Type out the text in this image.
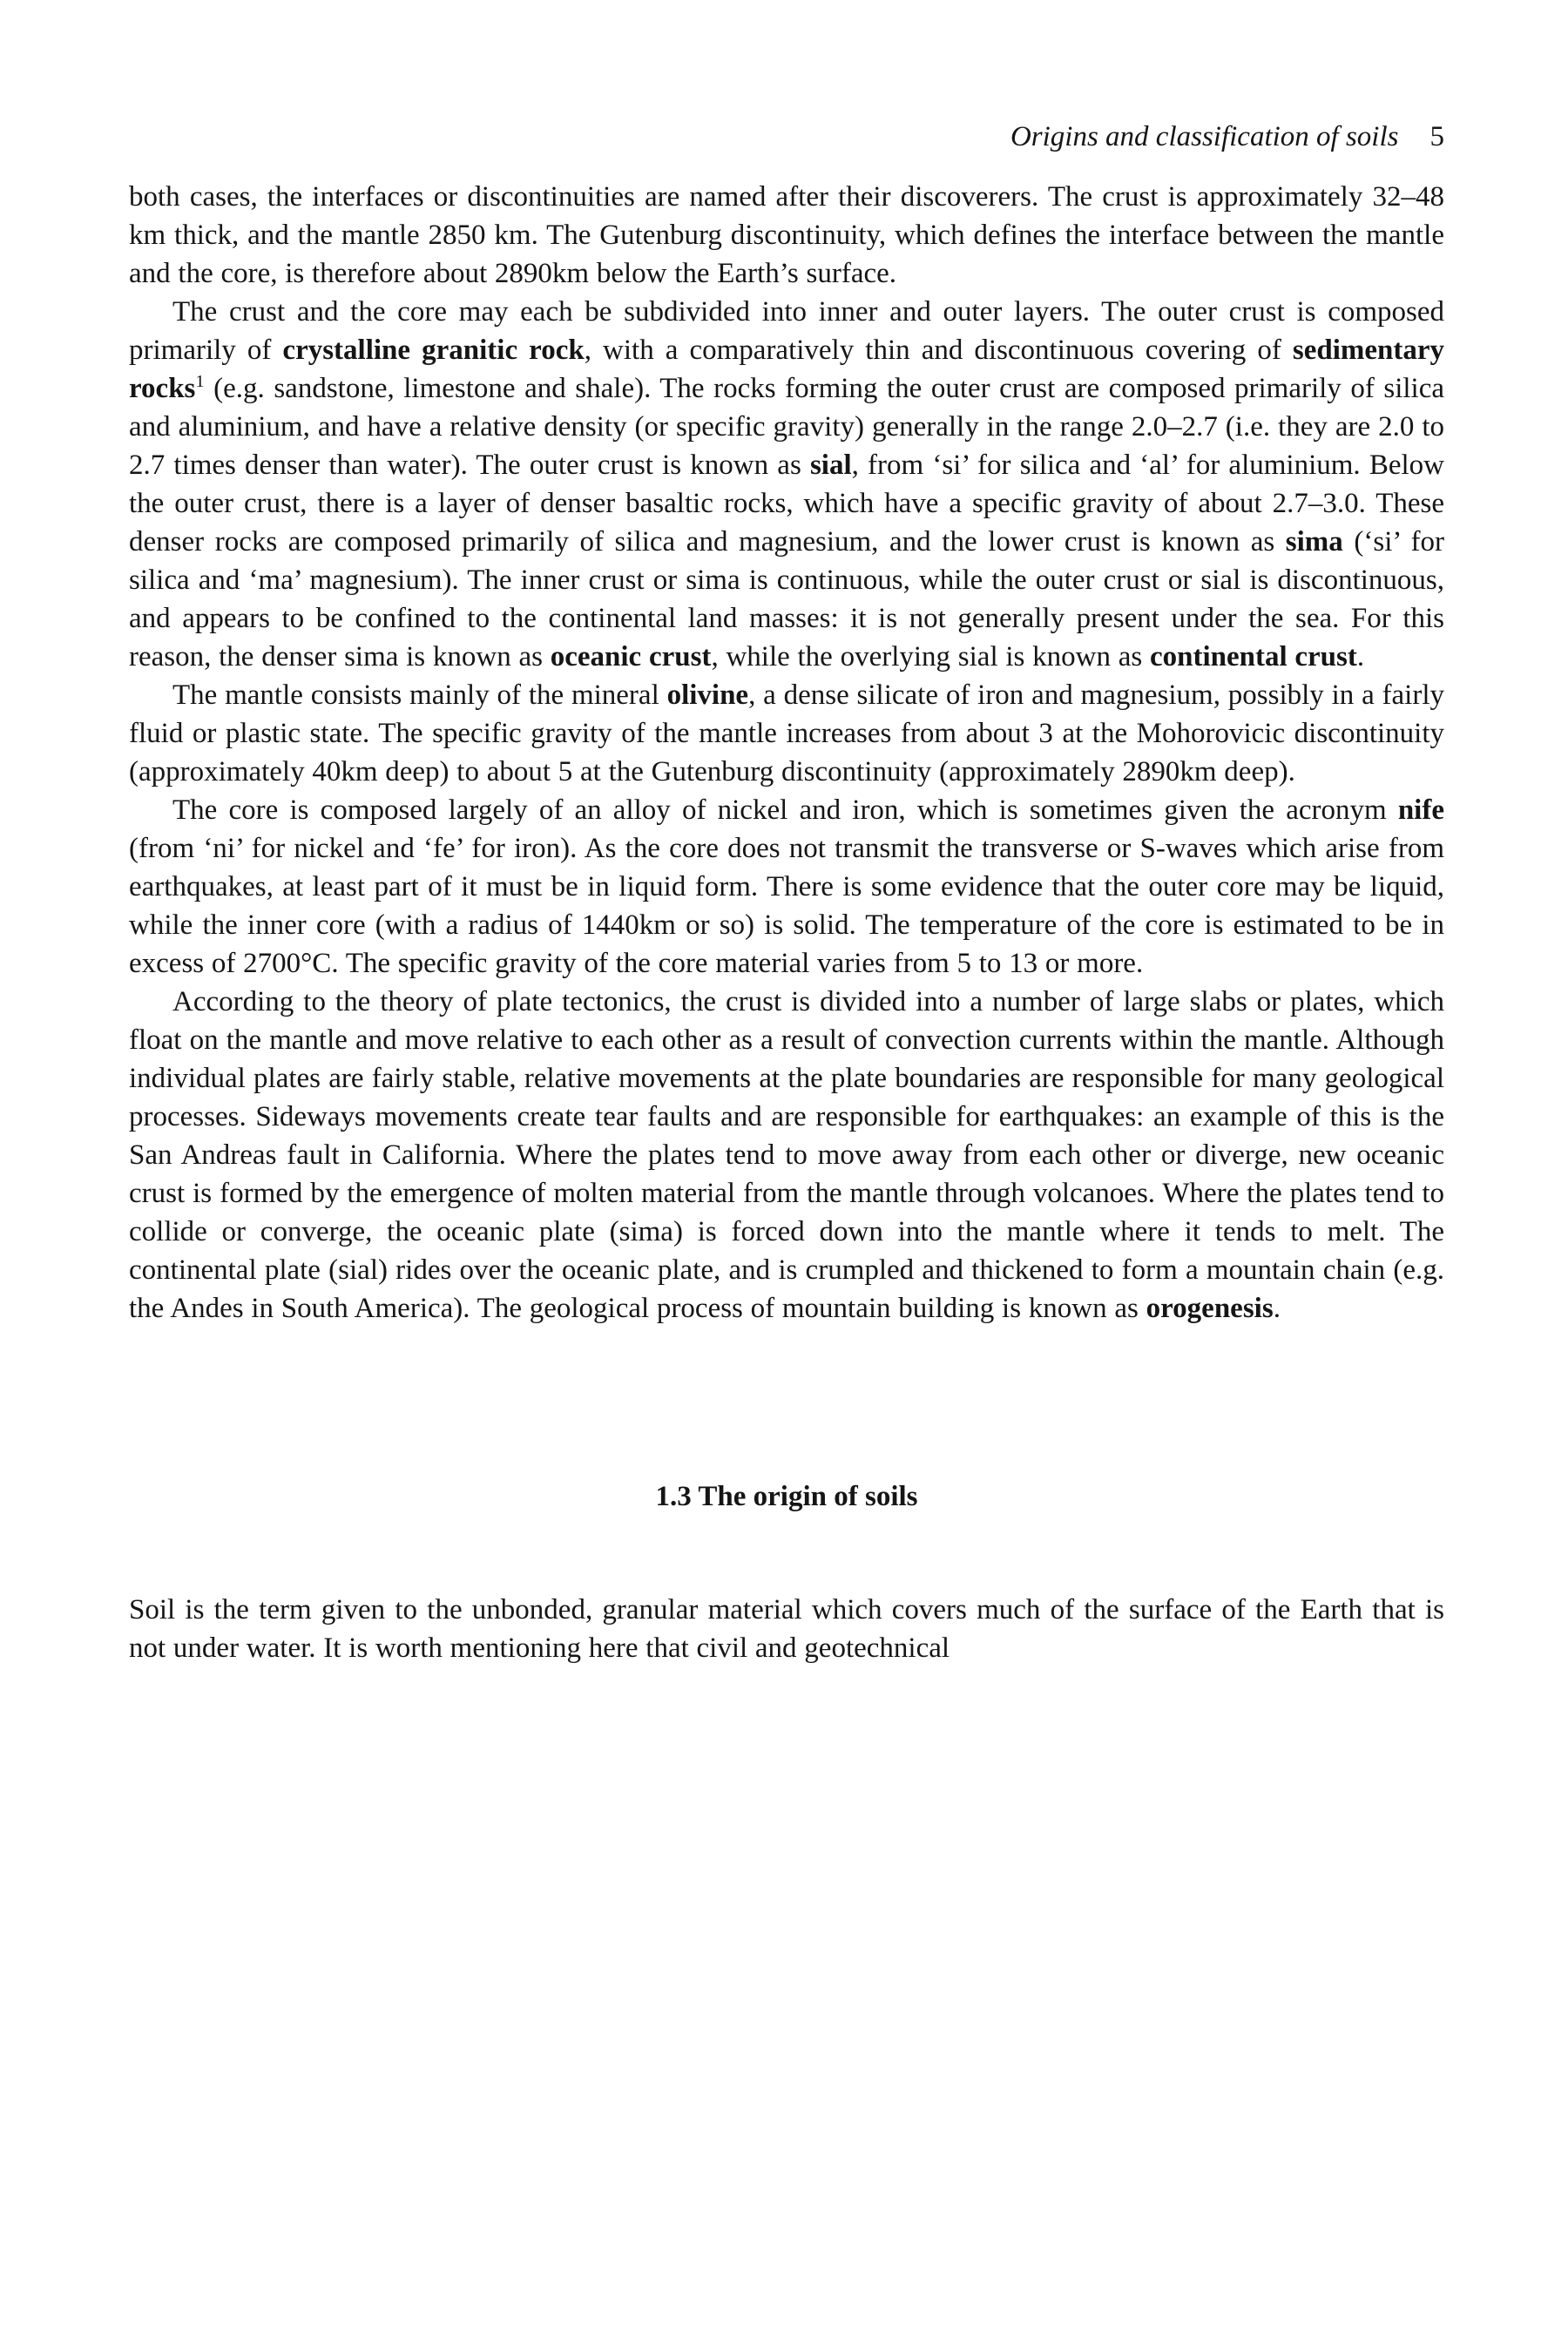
Origins and classification of soils 5

both cases, the interfaces or discontinuities are named after their discoverers. The crust is approximately 32–48 km thick, and the mantle 2850 km. The Gutenburg discontinuity, which defines the interface between the mantle and the core, is therefore about 2890km below the Earth’s surface.

The crust and the core may each be subdivided into inner and outer layers. The outer crust is composed primarily of crystalline granitic rock, with a comparatively thin and discontinuous covering of sedimentary rocks$^1$ (e.g. sandstone, limestone and shale). The rocks forming the outer crust are composed primarily of silica and aluminium, and have a relative density (or specific gravity) generally in the range 2.0–2.7 (i.e. they are 2.0 to 2.7 times denser than water). The outer crust is known as sial, from ‘si’ for silica and ‘al’ for aluminium. Below the outer crust, there is a layer of denser basaltic rocks, which have a specific gravity of about 2.7–3.0. These denser rocks are composed primarily of silica and magnesium, and the lower crust is known as sima (‘si’ for silica and ‘ma’ magnesium). The inner crust or sima is continuous, while the outer crust or sial is discontinuous, and appears to be confined to the continental land masses: it is not generally present under the sea. For this reason, the denser sima is known as oceanic crust, while the overlying sial is known as continental crust.

The mantle consists mainly of the mineral olivine, a dense silicate of iron and magnesium, possibly in a fairly fluid or plastic state. The specific gravity of the mantle increases from about 3 at the Mohorovicic discontinuity (approximately 40km deep) to about 5 at the Gutenburg discontinuity (approximately 2890km deep).

The core is composed largely of an alloy of nickel and iron, which is sometimes given the acronym nife (from ‘ni’ for nickel and ‘fe’ for iron). As the core does not transmit the transverse or S-waves which arise from earthquakes, at least part of it must be in liquid form. There is some evidence that the outer core may be liquid, while the inner core (with a radius of 1440km or so) is solid. The temperature of the core is estimated to be in excess of 2700°C. The specific gravity of the core material varies from 5 to 13 or more.

According to the theory of plate tectonics, the crust is divided into a number of large slabs or plates, which float on the mantle and move relative to each other as a result of convection currents within the mantle. Although individual plates are fairly stable, relative movements at the plate boundaries are responsible for many geological processes. Sideways movements create tear faults and are responsible for earthquakes: an example of this is the San Andreas fault in California. Where the plates tend to move away from each other or diverge, new oceanic crust is formed by the emergence of molten material from the mantle through volcanoes. Where the plates tend to collide or converge, the oceanic plate (sima) is forced down into the mantle where it tends to melt. The continental plate (sial) rides over the oceanic plate, and is crumpled and thickened to form a mountain chain (e.g. the Andes in South America). The geological process of mountain building is known as orogenesis.

1.3 The origin of soils

Soil is the term given to the unbonded, granular material which covers much of the surface of the Earth that is not under water. It is worth mentioning here that civil and geotechnical
